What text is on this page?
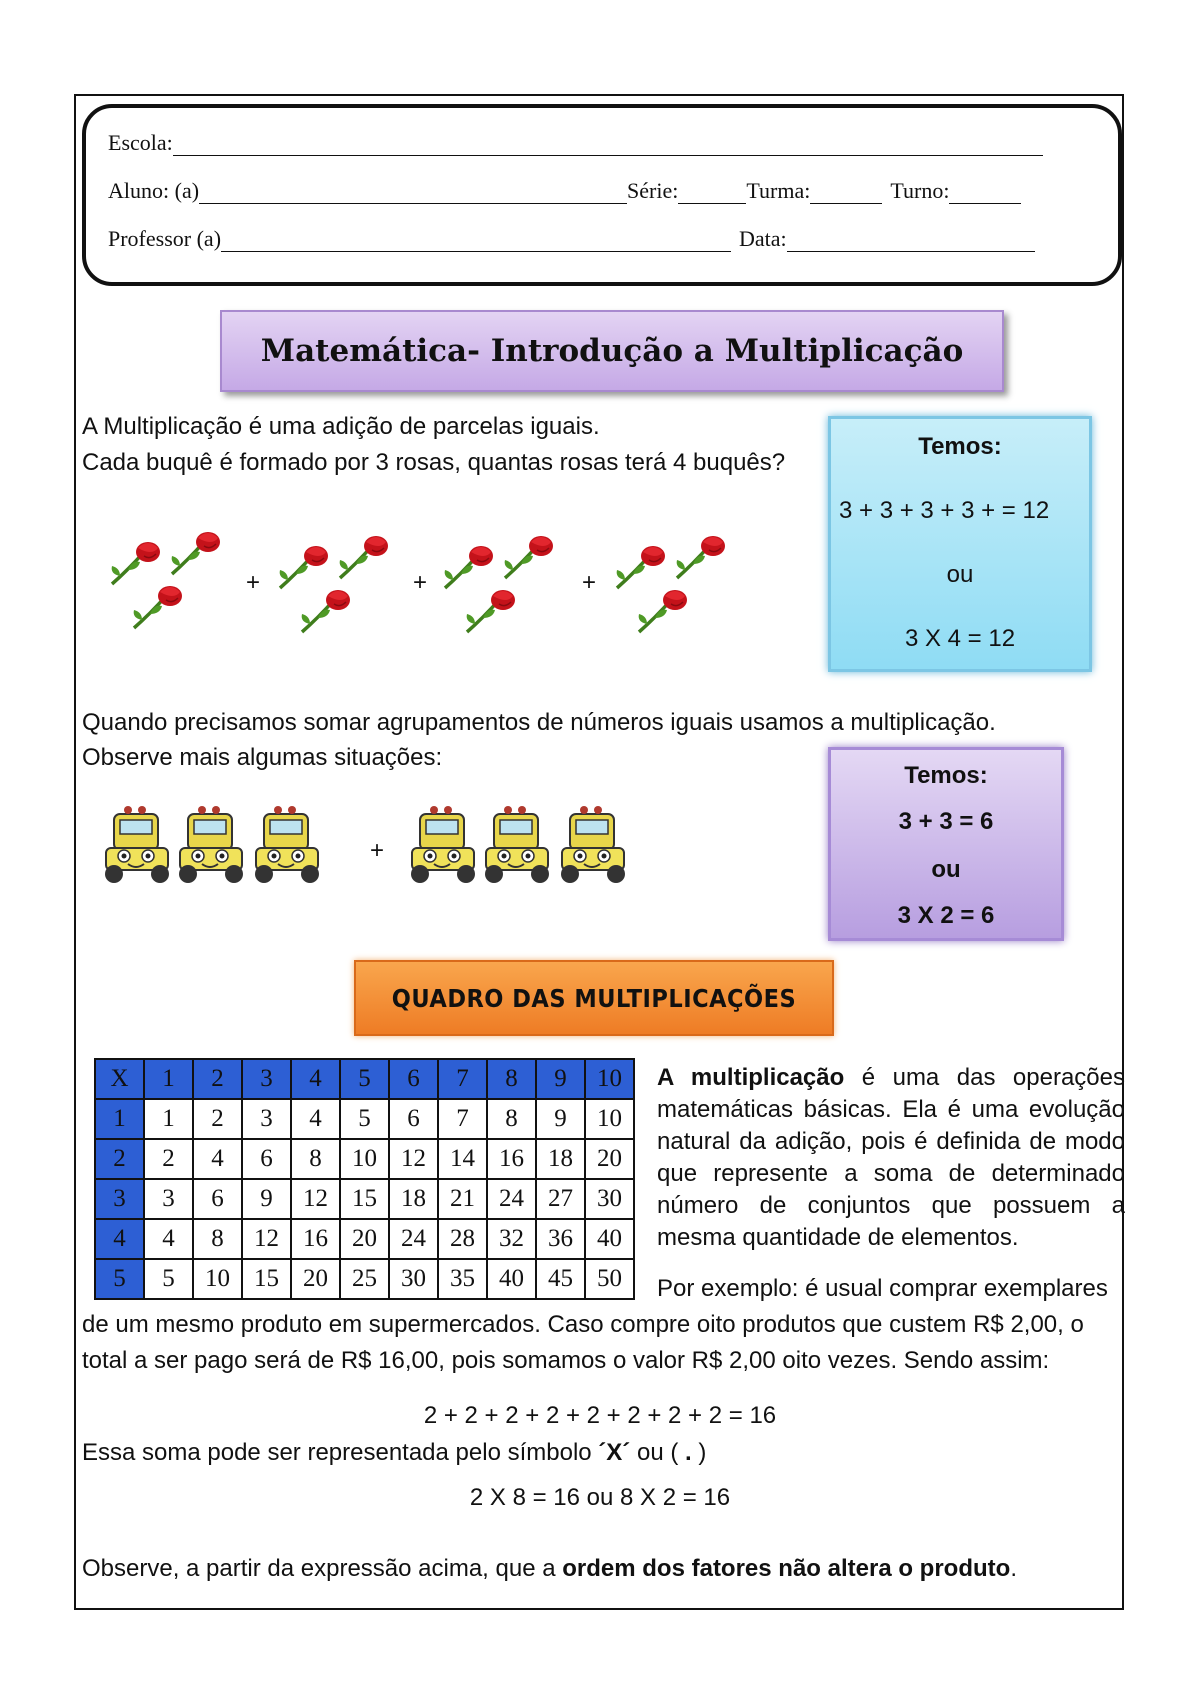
Escola:
Aluno: (a)	Série:	Turma:	Turno:
Professor (a)	Data:
Matemática- Introdução a Multiplicação
A Multiplicação é uma adição de parcelas iguais.
Cada buquê é formado por 3 rosas, quantas rosas terá 4 buquês?
+	+	+
Temos:
3 + 3 + 3 + 3 + = 12
ou
3 X 4 = 12
Quando precisamos somar agrupamentos de números iguais usamos a multiplicação.
Observe mais algumas situações:
+
Temos:
3 + 3 = 6
ou
3 X 2 = 6
QUADRO DAS MULTIPLICAÇÕES
X	1	2	3	4	5	6	7	8	9	10
1	1	2	3	4	5	6	7	8	9	10
2	2	4	6	8	10	12	14	16	18	20
3	3	6	9	12	15	18	21	24	27	30
4	4	8	12	16	20	24	28	32	36	40
5	5	10	15	20	25	30	35	40	45	50
A multiplicação é uma das operações matemáticas básicas. Ela é uma evolução natural da adição, pois é definida de modo que represente a soma de determinado número de conjuntos que possuem a mesma quantidade de elementos.
Por exemplo: é usual comprar exemplares
de um mesmo produto em supermercados. Caso compre oito produtos que custem R$ 2,00, o
total a ser pago será de R$ 16,00, pois somamos o valor R$ 2,00 oito vezes. Sendo assim:
2 + 2 + 2 + 2 + 2 + 2 + 2 + 2 = 16
Essa soma pode ser representada pelo símbolo ´X´ ou ( . )
2 X 8 = 16 ou 8 X 2 = 16
Observe, a partir da expressão acima, que a ordem dos fatores não altera o produto.
